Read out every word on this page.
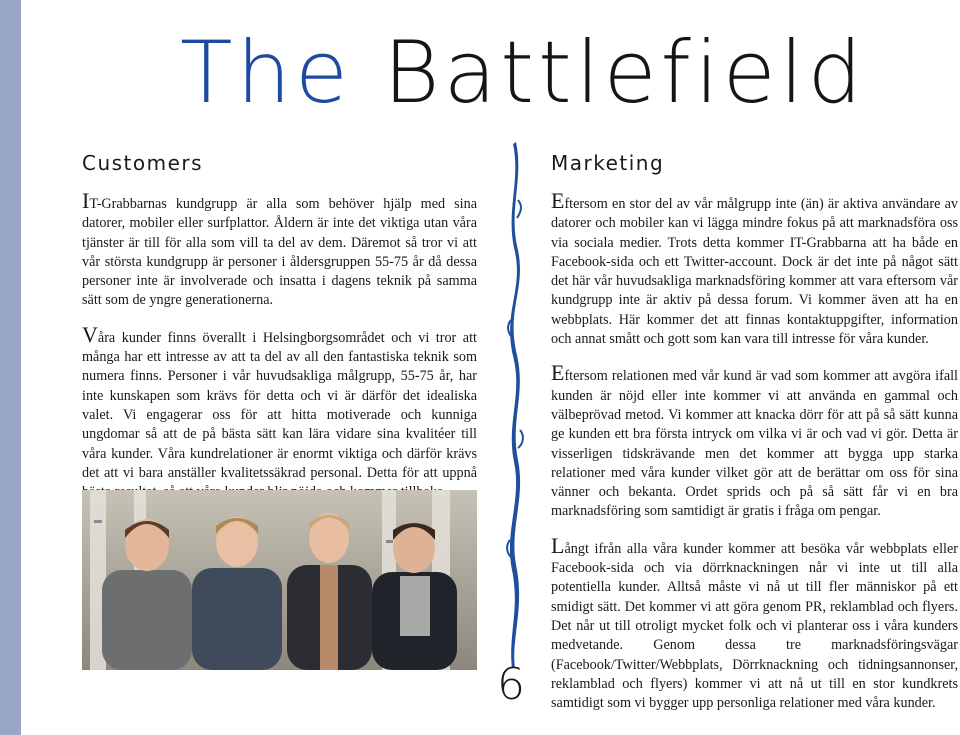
The Battlefield
Customers

IT-Grabbarnas kundgrupp är alla som behöver hjälp med sina datorer, mobiler eller surfplattor. Åldern är inte det viktiga utan våra tjänster är till för alla som vill ta del av dem. Däremot så tror vi att vår största kundgrupp är personer i åldersgruppen 55-75 år då dessa personer inte är involverade och insatta i dagens teknik på samma sätt som de yngre generationerna.

Våra kunder finns överallt i Helsingborgsområdet och vi tror att många har ett intresse av att ta del av all den fantastiska teknik som numera finns. Personer i vår huvudsakliga målgrupp, 55-75 år, har inte kunskapen som krävs för detta och vi är därför det idealiska valet. Vi engagerar oss för att hitta motiverade och kunniga ungdomar så att de på bästa sätt kan lära vidare sina kvalitéer till våra kunder. Våra kundrelationer är enormt viktiga och därför krävs det att vi bara anställer kvalitetssäkrad personal. Detta för att uppnå

6
Marketing

Eftersom en stor del av vår målgrupp inte (än) är aktiva användare av datorer och mobiler kan vi lägga mindre fokus på att marknadsföra oss via sociala medier. Trots detta kommer IT-Grabbarna att ha både en Facebook-sida och ett Twitter-account. Dock är det inte på något sätt det här vår huvudsakliga marknadsföring kommer att vara eftersom vår kundgrupp inte är aktiv på dessa forum. Vi kommer även att ha en webbplats. Här kommer det att finnas kontaktuppgifter, information och annat smått och gott som kan vara till intresse för våra kunder.

Eftersom relationen med vår kund är vad som kommer att avgöra ifall kunden är nöjd eller inte kommer vi att använda en gammal och välbeprövad metod. Vi kommer att knacka dörr för att på så sätt kunna ge kunden ett bra första intryck om vilka vi är och vad vi gör. Detta är visserligen tidskrävande men det kommer att bygga upp starka relationer med våra kunder vilket gör att de berättar om oss för sina vänner och bekanta. Ordet sprids och på så sätt får vi en bra marknadsföring som samtidigt är gratis i fråga om pengar.

Långt ifrån alla våra kunder kommer att besöka vår webbplats eller Facebook-sida och via dörrknackningen når vi inte ut till alla potentiella kunder. Alltså måste vi nå ut till fler människor på ett smidigt sätt. Det kommer vi att göra genom PR, reklamblad och flyers. Det når ut till otroligt mycket folk och vi planterar oss i våra kunders medvetande. Genom dessa tre marknadsföringsvägar (Facebook/Twitter/Webbplats, Dörrknackning och tidningsannonser, reklamblad och flyers) kommer vi att nå ut till en stor kundkrets samtidigt som vi bygger upp personliga relationer med våra kunder.
